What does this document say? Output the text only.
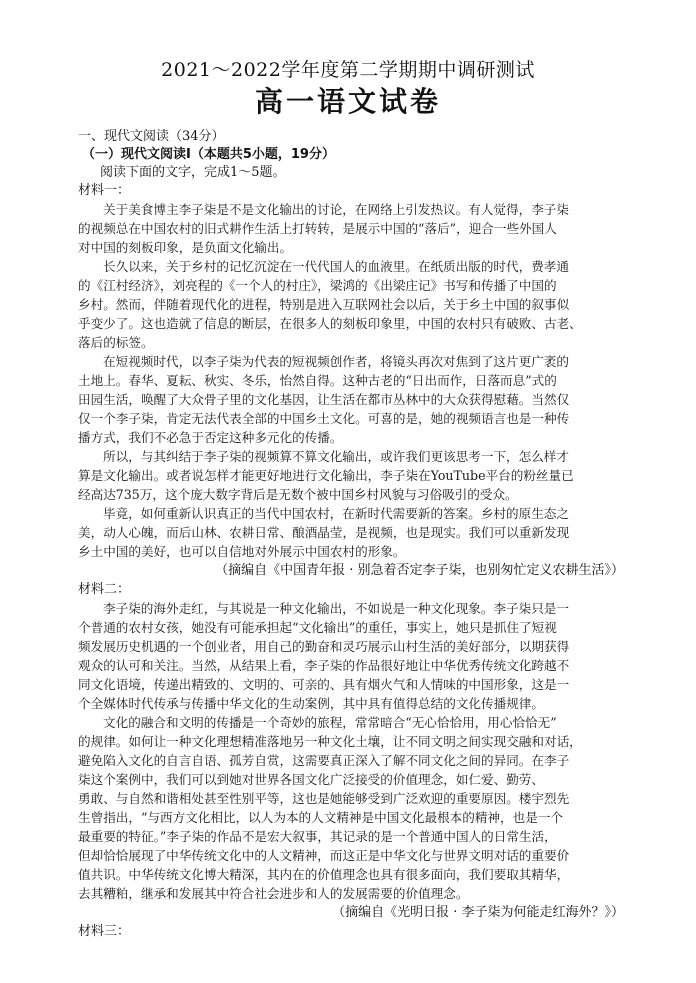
2021～2022学年度第二学期期中调研测试
高一语文试卷
一、现代文阅读（34分）
（一）现代文阅读Ⅰ（本题共5小题，19分）
阅读下面的文字，完成1～5题。
材料一：
关于美食博主李子柒是不是文化输出的讨论，在网络上引发热议。有人觉得，李子柒
的视频总在中国农村的旧式耕作生活上打转转，是展示中国的“落后”，迎合一些外国人
对中国的刻板印象，是负面文化输出。
长久以来，关于乡村的记忆沉淀在一代代国人的血液里。在纸质出版的时代，费孝通
的《江村经济》，刘亮程的《一个人的村庄》，梁鸿的《出梁庄记》书写和传播了中国的
乡村。然而，伴随着现代化的进程，特别是进入互联网社会以后，关于乡土中国的叙事似
乎变少了。这也造就了信息的断层，在很多人的刻板印象里，中国的农村只有破败、古老、
落后的标签。
在短视频时代，以李子柒为代表的短视频创作者，将镜头再次对焦到了这片更广袤的
土地上。春华、夏耘、秋实、冬乐，怡然自得。这种古老的“日出而作，日落而息”式的
田园生活，唤醒了大众骨子里的文化基因，让生活在都市丛林中的大众获得慰藉。当然仅
仅一个李子柒，肯定无法代表全部的中国乡土文化。可喜的是，她的视频语言也是一种传
播方式，我们不必急于否定这种多元化的传播。
所以，与其纠结于李子柒的视频算不算文化输出，或许我们更该思考一下，怎么样才
算是文化输出。或者说怎样才能更好地进行文化输出，李子柒在YouTube平台的粉丝量已
经高达735万，这个庞大数字背后是无数个被中国乡村风貌与习俗吸引的受众。
毕竟，如何重新认识真正的当代中国农村，在新时代需要新的答案。乡村的原生态之
美，动人心魄，而后山林、农耕日常、酿酒晶莹，是视频，也是现实。我们可以重新发现
乡土中国的美好，也可以自信地对外展示中国农村的形象。
（摘编自《中国青年报 · 别急着否定李子柒，也别匆忙定义农耕生活》）
材料二：
李子柒的海外走红，与其说是一种文化输出，不如说是一种文化现象。李子柒只是一
个普通的农村女孩，她没有可能承担起“文化输出”的重任，事实上，她只是抓住了短视
频发展历史机遇的一个创业者，用自己的勤奋和灵巧展示山村生活的美好部分，以期获得
观众的认可和关注。当然，从结果上看，李子柒的作品很好地让中华优秀传统文化跨越不
同文化语境，传递出精致的、文明的、可亲的、具有烟火气和人情味的中国形象，这是一
个全媒体时代传承与传播中华文化的生动案例，其中具有值得总结的文化传播规律。
文化的融合和文明的传播是一个奇妙的旅程，常常暗合“无心恰恰用，用心恰恰无”
的规律。如何让一种文化理想精准落地另一种文化土壤，让不同文明之间实现交融和对话，
避免陷入文化的自言自语、孤芳自赏，这需要真正深入了解不同文化之间的异同。在李子
柒这个案例中，我们可以到她对世界各国文化广泛接受的价值理念，如仁爱、勤劳、
勇敢、与自然和谐相处甚至性别平等，这也是她能够受到广泛欢迎的重要原因。楼宇烈先
生曾指出，“与西方文化相比，以人为本的人文精神是中国文化最根本的精神，也是一个
最重要的特征。”李子柒的作品不是宏大叙事，其记录的是一个普通中国人的日常生活，
但却恰恰展现了中华传统文化中的人文精神，而这正是中华文化与世界文明对话的重要价
值共识。中华传统文化博大精深，其内在的价值理念也具有很多面向，我们要取其精华，
去其糟粕，继承和发展其中符合社会进步和人的发展需要的价值理念。
（摘编自《光明日报 · 李子柒为何能走红海外？》）
材料三：
